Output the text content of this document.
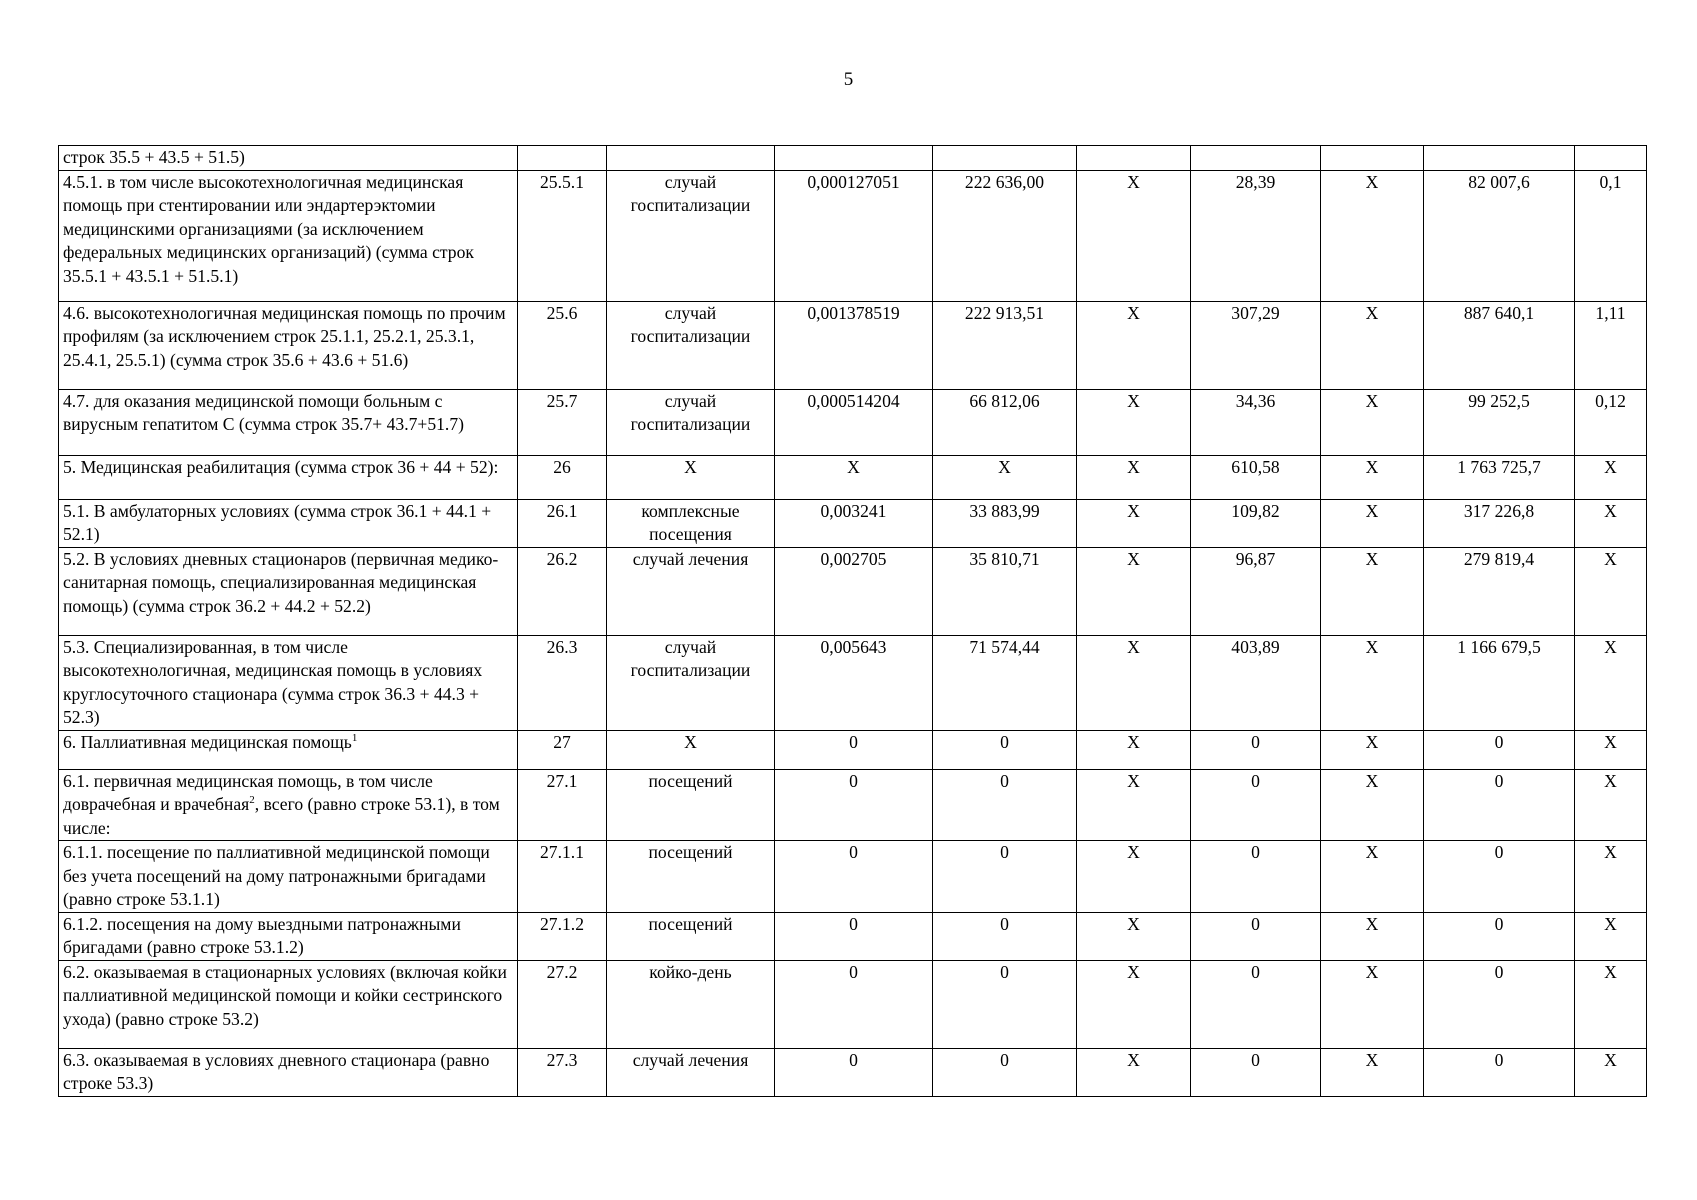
5
строк 35.5 + 43.5 + 51.5)									
4.5.1. в том числе высокотехнологичная медицинская помощь при стентировании или эндартерэктомии медицинскими организациями (за исключением федеральных медицинских организаций) (сумма строк 35.5.1 + 43.5.1 + 51.5.1)	25.5.1	случай госпитализации	0,000127051	222 636,00	X	28,39	X	82 007,6	0,1
4.6. высокотехнологичная медицинская помощь по прочим профилям (за исключением строк 25.1.1, 25.2.1, 25.3.1, 25.4.1, 25.5.1) (сумма строк 35.6 + 43.6 + 51.6)	25.6	случай госпитализации	0,001378519	222 913,51	X	307,29	X	887 640,1	1,11
4.7. для оказания медицинской помощи больным с вирусным гепатитом С (сумма строк 35.7+ 43.7+51.7)	25.7	случай госпитализации	0,000514204	66 812,06	X	34,36	X	99 252,5	0,12
5. Медицинская реабилитация (сумма строк 36 + 44 + 52):	26	X	X	X	X	610,58	X	1 763 725,7	X
5.1. В амбулаторных условиях (сумма строк 36.1 + 44.1 + 52.1)	26.1	комплексные посещения	0,003241	33 883,99	X	109,82	X	317 226,8	X
5.2. В условиях дневных стационаров (первичная медико-санитарная помощь, специализированная медицинская помощь) (сумма строк 36.2 + 44.2 + 52.2)	26.2	случай лечения	0,002705	35 810,71	X	96,87	X	279 819,4	X
5.3. Специализированная, в том числе высокотехнологичная, медицинская помощь в условиях круглосуточного стационара (сумма строк 36.3 + 44.3 + 52.3)	26.3	случай госпитализации	0,005643	71 574,44	X	403,89	X	1 166 679,5	X
6. Паллиативная медицинская помощь$^1$	27	X	0	0	X	0	X	0	X
6.1. первичная медицинская помощь, в том числе доврачебная и врачебная$^2$, всего (равно строке 53.1), в том числе:	27.1	посещений	0	0	X	0	X	0	X
6.1.1. посещение по паллиативной медицинской помощи без учета посещений на дому патронажными бригадами (равно строке 53.1.1)	27.1.1	посещений	0	0	X	0	X	0	X
6.1.2. посещения на дому выездными патронажными бригадами (равно строке 53.1.2)	27.1.2	посещений	0	0	X	0	X	0	X
6.2. оказываемая в стационарных условиях (включая койки паллиативной медицинской помощи и койки сестринского ухода) (равно строке 53.2)	27.2	койко-день	0	0	X	0	X	0	X
6.3. оказываемая в условиях дневного стационара (равно строке 53.3)	27.3	случай лечения	0	0	X	0	X	0	X
